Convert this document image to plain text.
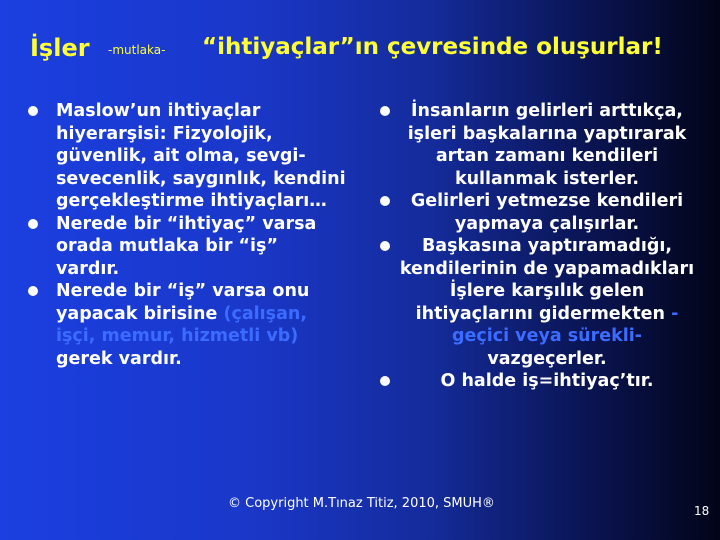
İşler -mutlaka- “ihtiyaçlar”ın çevresinde oluşurlar!
Maslow’un ihtiyaçlar hiyerarşisi: Fizyolojik, güvenlik, ait olma, sevgi-sevecenlik, saygınlık, kendini gerçekleştirme ihtiyaçları…
Nerede bir “ihtiyaç” varsa orada mutlaka bir “iş” vardır.
Nerede bir “iş” varsa onu yapacak birisine (çalışan, işçi, memur, hizmetli vb) gerek vardır.
İnsanların gelirleri arttıkça, işleri başkalarına yaptırarak artan zamanı kendileri kullanmak isterler.
Gelirleri yetmezse kendileri yapmaya çalışırlar.
Başkasına yaptıramadığı, kendilerinin de yapamadıkları İşlere karşılık gelen ihtiyaçlarını gidermekten -geçici veya sürekli- vazgeçerler.
O halde iş=ihtiyaç’tır.
© Copyright M.Tınaz Titiz, 2010, SMUH®	18
